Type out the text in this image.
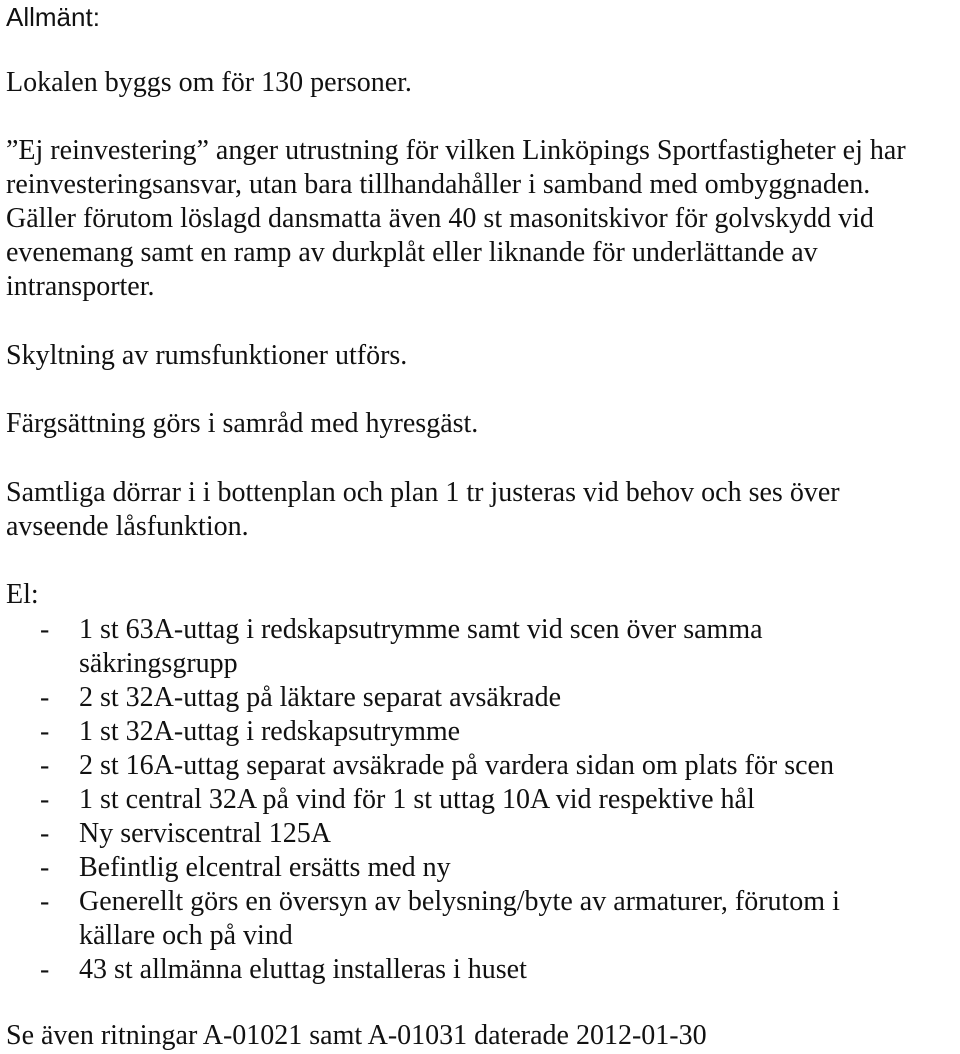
Allmänt:

Lokalen byggs om för 130 personer.

”Ej reinvestering” anger utrustning för vilken Linköpings Sportfastigheter ej har
reinvesteringsansvar, utan bara tillhandahåller i samband med ombyggnaden.
Gäller förutom löslagd dansmatta även 40 st masonitskivor för golvskydd vid
evenemang samt en ramp av durkplåt eller liknande för underlättande av
intransporter.

Skyltning av rumsfunktioner utförs.

Färgsättning görs i samråd med hyresgäst.

Samtliga dörrar i i bottenplan och plan 1 tr justeras vid behov och ses över
avseende låsfunktion.

El:

- 1 st 63A-uttag i redskapsutrymme samt vid scen över samma
säkringsgrupp
- 2 st 32A-uttag på läktare separat avsäkrade
- 1 st 32A-uttag i redskapsutrymme
- 2 st 16A-uttag separat avsäkrade på vardera sidan om plats för scen
- 1 st central 32A på vind för 1 st uttag 10A vid respektive hål
- Ny serviscentral 125A
- Befintlig elcentral ersätts med ny
- Generellt görs en översyn av belysning/byte av armaturer, förutom i
källare och på vind
- 43 st allmänna eluttag installeras i huset

Se även ritningar A-01021 samt A-01031 daterade 2012-01-30
